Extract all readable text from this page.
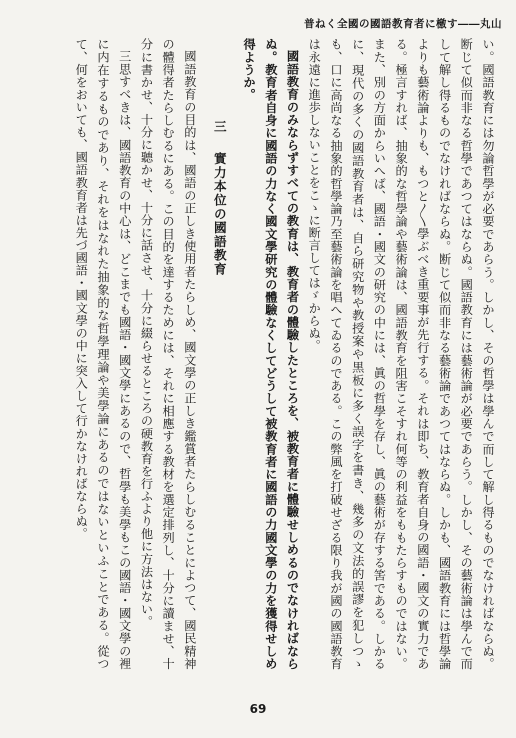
普ねく全國の國語教育者に檄す――丸山

い。國語教育には勿論哲學が必要であらう。しかし、その哲學は學んで而して解し得るものでなければならぬ。断じて似而非なる哲學であつてはならぬ。國語教育には藝術論が必要であらう。しかし、その藝術論は學んで而して解し得るものでなければならぬ。断じて似而非なる藝術論であつてはならぬ。しかも、國語教育には哲學論よりも藝術論よりも、もつと〳〵學ぶべき重要事が先行する。それは即ち、教育者自身の國語・國文の實力である。極言すれば、抽象的な哲學論や藝術論は、國語教育を阻害こそすれ何等の利益をももたらすものではない。また、別の方面からいへば、國語・國文の研究の中には、眞の哲學を存し、眞の藝術が存する筈である。しかるに、現代の多くの國語教育者は、自ら研究物や教授案や黒板に多く誤字を書き、幾多の文法的誤謬を犯しつゝも、口に高尚なる抽象的哲學論乃至藝術論を唱へてゐるのである。この弊風を打破せざる限り我が國の國語教育は永遠に進歩しないことをこゝに断言してはゞからぬ。

國語教育のみならずすべての教育は、教育者の體驗したところを、被教育者に體驗せしめるのでなければならぬ。教育者自身に國語の力なく國文學研究の體驗なくしてどうして被教育者に國語の力國文學の力を獲得せしめ得ようか。

三 實力本位の國語教育

國語教育の目的は、國語の正しき使用者たらしめ、國文學の正しき鑑賞者たらしむることによつて、國民精神の體得者たらしむるにある。この目的を達するためには、それに相應する教材を選定排列し、十分に讀ませ、十分に書かせ、十分に聽かせ、十分に話させ、十分に綴らせるところの硬教育を行ふより他に方法はない。

三思すべきは、國語教育の中心は、どこまでも國語・國文學にあるので、哲學も美學もこの國語・國文學の裡に内在するものであり、それをはなれた抽象的な哲學理論や美學論にあるのではないといふことである。從つて、何をおいても、國語教育者は先づ國語・國文學の中に突入して行かなければならぬ。

69
